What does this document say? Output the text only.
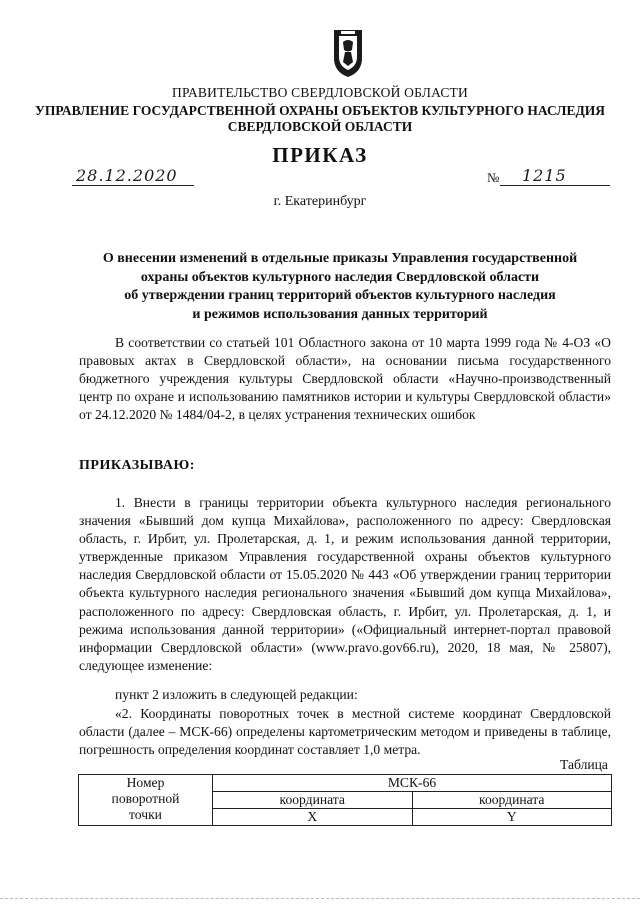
ПРАВИТЕЛЬСТВО СВЕРДЛОВСКОЙ ОБЛАСТИ
УПРАВЛЕНИЕ ГОСУДАРСТВЕННОЙ ОХРАНЫ ОБЪЕКТОВ КУЛЬТУРНОГО НАСЛЕДИЯ
СВЕРДЛОВСКОЙ ОБЛАСТИ
ПРИКАЗ
28.12.2020	№ 1215
г. Екатеринбург
О внесении изменений в отдельные приказы Управления государственной
охраны объектов культурного наследия Свердловской области
об утверждении границ территорий объектов культурного наследия
и режимов использования данных территорий
В соответствии со статьей 101 Областного закона от 10 марта 1999 года № 4-ОЗ «О правовых актах в Свердловской области», на основании письма государственного бюджетного учреждения культуры Свердловской области «Научно-производственный центр по охране и использованию памятников истории и культуры Свердловской области» от 24.12.2020 № 1484/04-2, в целях устранения технических ошибок
ПРИКАЗЫВАЮ:
1. Внести в границы территории объекта культурного наследия регионального значения «Бывший дом купца Михайлова», расположенного по адресу: Свердловская область, г. Ирбит, ул. Пролетарская, д. 1, и режим использования данной территории, утвержденные приказом Управления государственной охраны объектов культурного наследия Свердловской области от 15.05.2020 № 443 «Об утверждении границ территории объекта культурного наследия регионального значения «Бывший дом купца Михайлова», расположенного по адресу: Свердловская область, г. Ирбит, ул. Пролетарская, д. 1, и режима использования данной территории» («Официальный интернет-портал правовой информации Свердловской области» (www.pravo.gov66.ru), 2020, 18 мая, № 25807), следующее изменение:
пункт 2 изложить в следующей редакции:
«2. Координаты поворотных точек в местной системе координат Свердловской области (далее – МСК-66) определены картометрическим методом и приведены в таблице, погрешность определения координат составляет 1,0 метра.
Таблица
Номер
поворотной
точки	МСК-66	
	координата	координата
	X	Y
